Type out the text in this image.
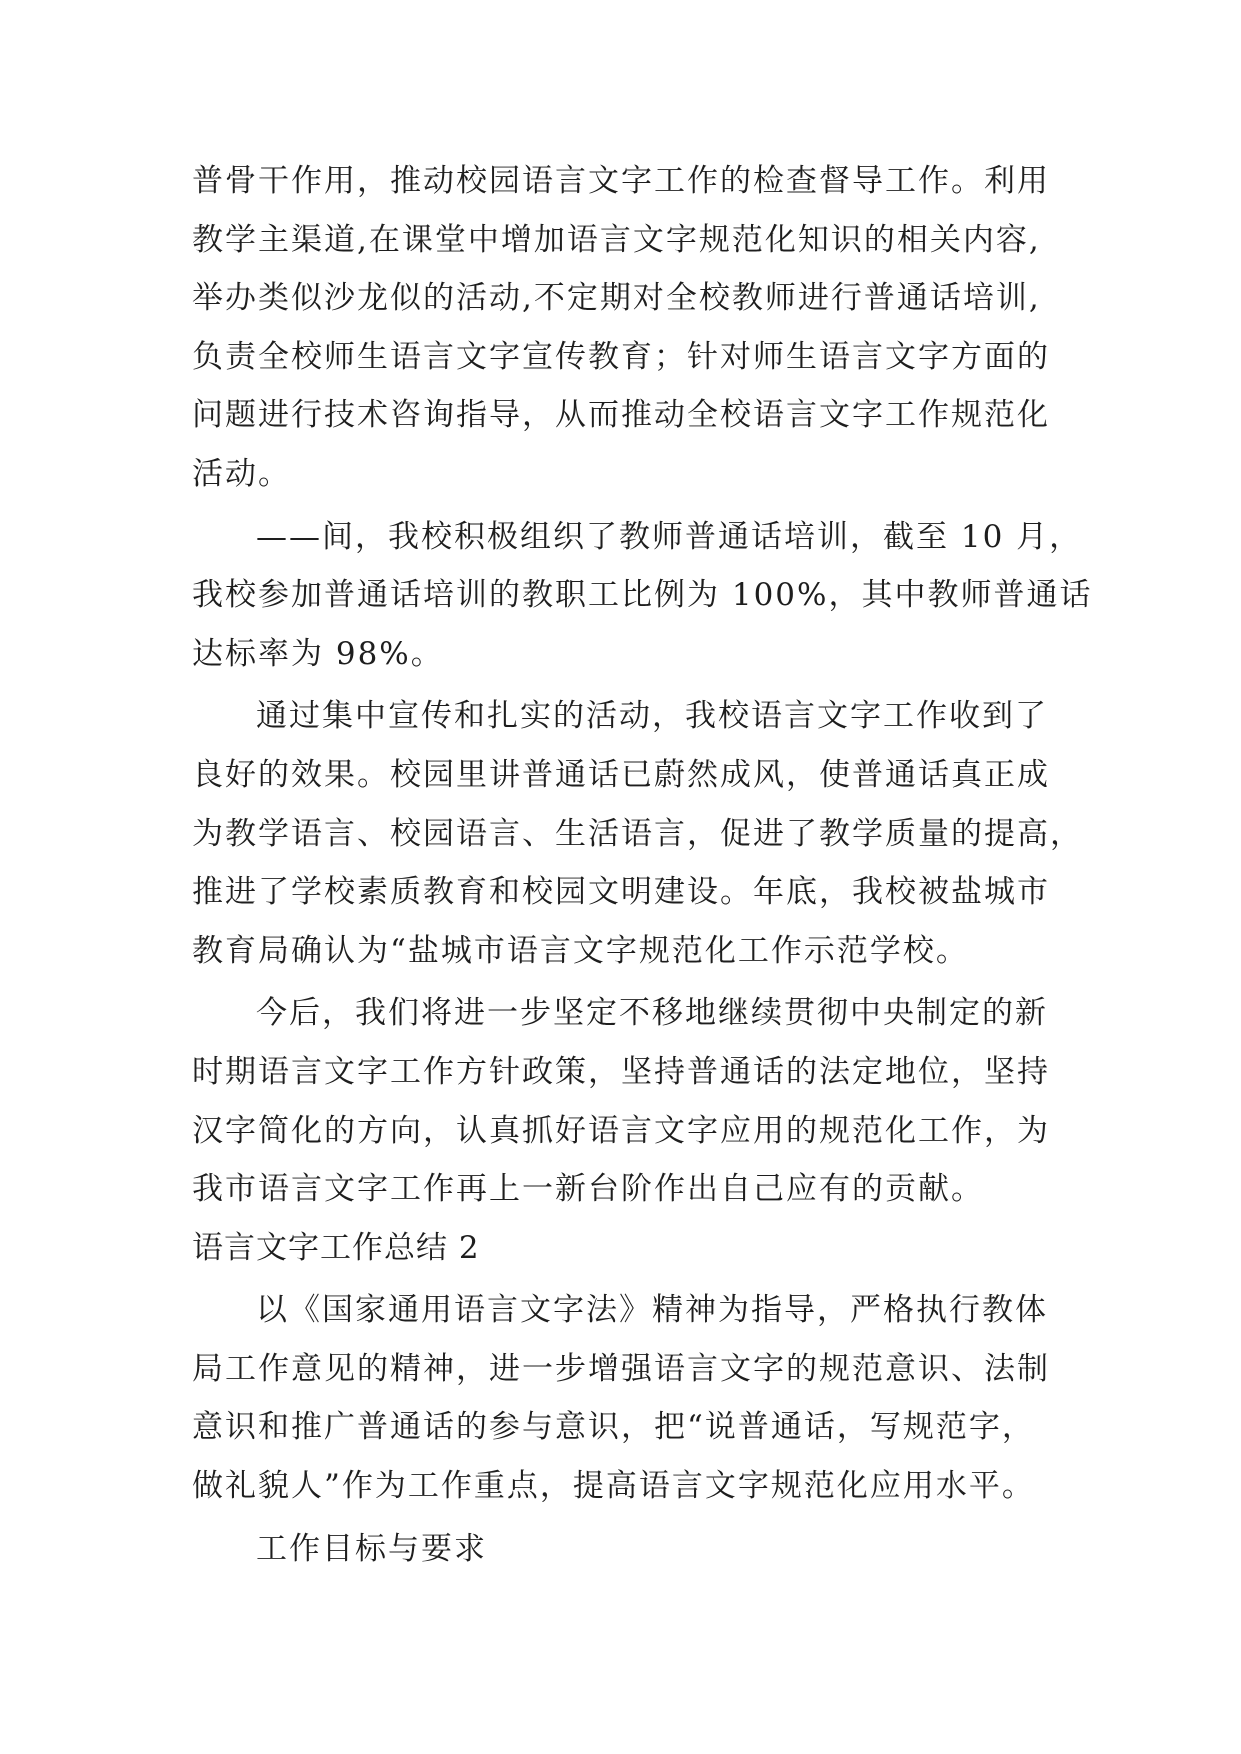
普骨干作用，推动校园语言文字工作的检查督导工作。利用
教学主渠道,在课堂中增加语言文字规范化知识的相关内容,
举办类似沙龙似的活动,不定期对全校教师进行普通话培训,
负责全校师生语言文字宣传教育；针对师生语言文字方面的
问题进行技术咨询指导，从而推动全校语言文字工作规范化
活动。
——间，我校积极组织了教师普通话培训，截至 10 月，
我校参加普通话培训的教职工比例为 100%，其中教师普通话
达标率为 98%。
通过集中宣传和扎实的活动，我校语言文字工作收到了
良好的效果。校园里讲普通话已蔚然成风，使普通话真正成
为教学语言、校园语言、生活语言，促进了教学质量的提高，
推进了学校素质教育和校园文明建设。年底，我校被盐城市
教育局确认为“盐城市语言文字规范化工作示范学校。
今后，我们将进一步坚定不移地继续贯彻中央制定的新
时期语言文字工作方针政策，坚持普通话的法定地位，坚持
汉字简化的方向，认真抓好语言文字应用的规范化工作，为
我市语言文字工作再上一新台阶作出自己应有的贡献。
语言文字工作总结 2
以《国家通用语言文字法》精神为指导，严格执行教体
局工作意见的精神，进一步增强语言文字的规范意识、法制
意识和推广普通话的参与意识，把“说普通话，写规范字，
做礼貌人”作为工作重点，提高语言文字规范化应用水平。
工作目标与要求
